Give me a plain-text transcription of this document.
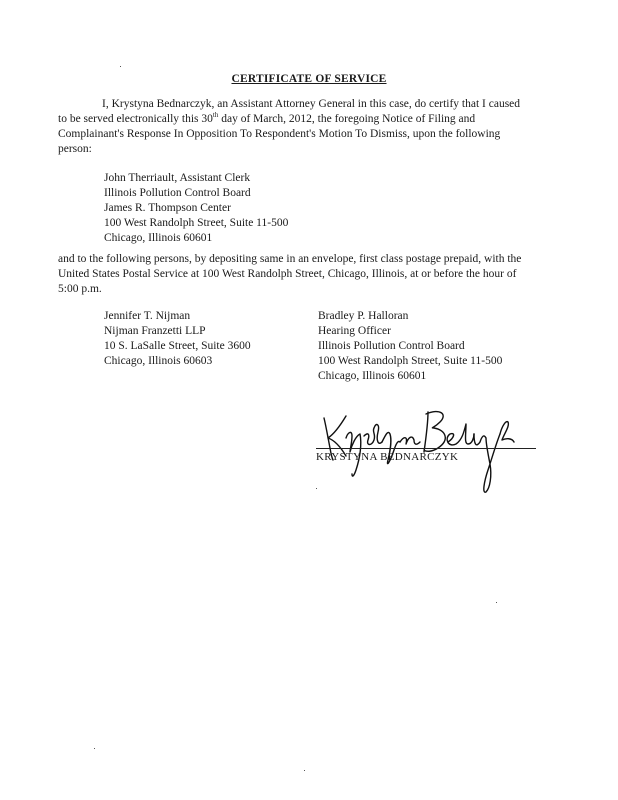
CERTIFICATE OF SERVICE

I, Krystyna Bednarczyk, an Assistant Attorney General in this case, do certify that I caused to be served electronically this 30th day of March, 2012, the foregoing Notice of Filing and Complainant's Response In Opposition To Respondent's Motion To Dismiss, upon the following person:

John Therriault, Assistant Clerk
Illinois Pollution Control Board
James R. Thompson Center
100 West Randolph Street, Suite 11-500
Chicago, Illinois 60601

and to the following persons, by depositing same in an envelope, first class postage prepaid, with the United States Postal Service at 100 West Randolph Street, Chicago, Illinois, at or before the hour of 5:00 p.m.

Jennifer T. Nijman
Nijman Franzetti LLP
10 S. LaSalle Street, Suite 3600
Chicago, Illinois 60603
Bradley P. Halloran
Hearing Officer
Illinois Pollution Control Board
100 West Randolph Street, Suite 11-500
Chicago, Illinois 60601
KRYSTYNA BEDNARCZYK
